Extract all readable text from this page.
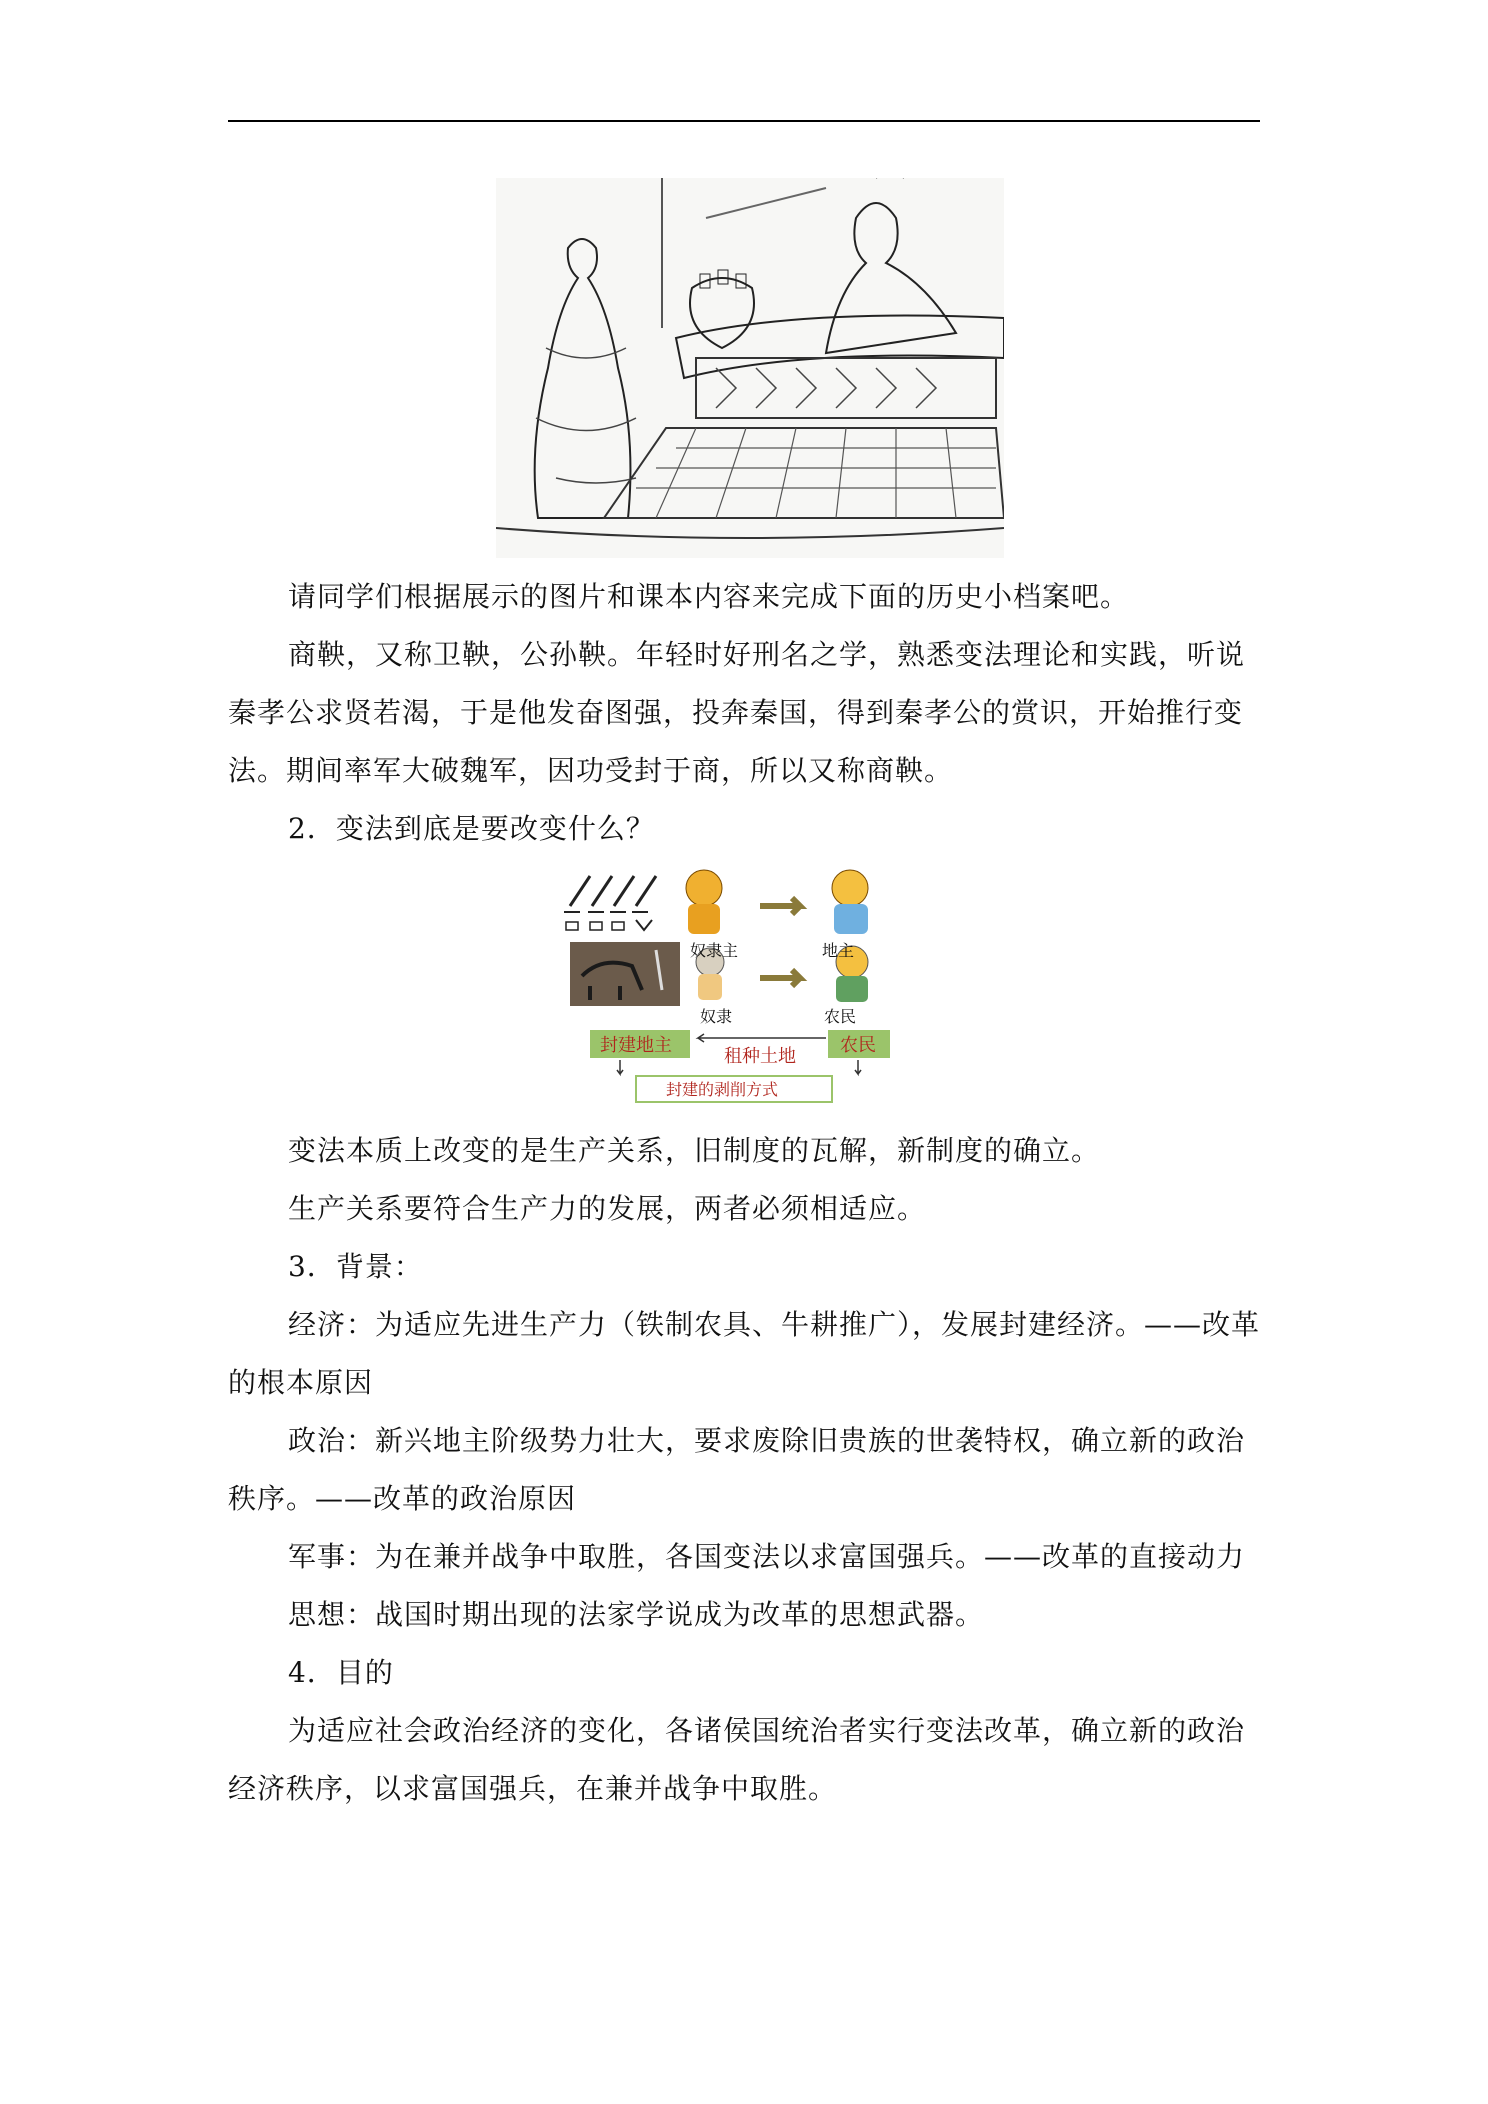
请同学们根据展示的图片和课本内容来完成下面的历史小档案吧。
商鞅，又称卫鞅，公孙鞅。年轻时好刑名之学，熟悉变法理论和实践，听说秦孝公求贤若渴，于是他发奋图强，投奔秦国，得到秦孝公的赏识，开始推行变法。期间率军大破魏军，因功受封于商，所以又称商鞅。
2．变法到底是要改变什么？
奴隶主	地主
奴隶	农民
封建地主	农民
租种土地
封建的剥削方式
变法本质上改变的是生产关系，旧制度的瓦解，新制度的确立。
生产关系要符合生产力的发展，两者必须相适应。
3．背景：
经济：为适应先进生产力（铁制农具、牛耕推广），发展封建经济。——改革的根本原因
政治：新兴地主阶级势力壮大，要求废除旧贵族的世袭特权，确立新的政治秩序。——改革的政治原因
军事：为在兼并战争中取胜，各国变法以求富国强兵。——改革的直接动力
思想：战国时期出现的法家学说成为改革的思想武器。
4．目的
为适应社会政治经济的变化，各诸侯国统治者实行变法改革，确立新的政治经济秩序，以求富国强兵，在兼并战争中取胜。
